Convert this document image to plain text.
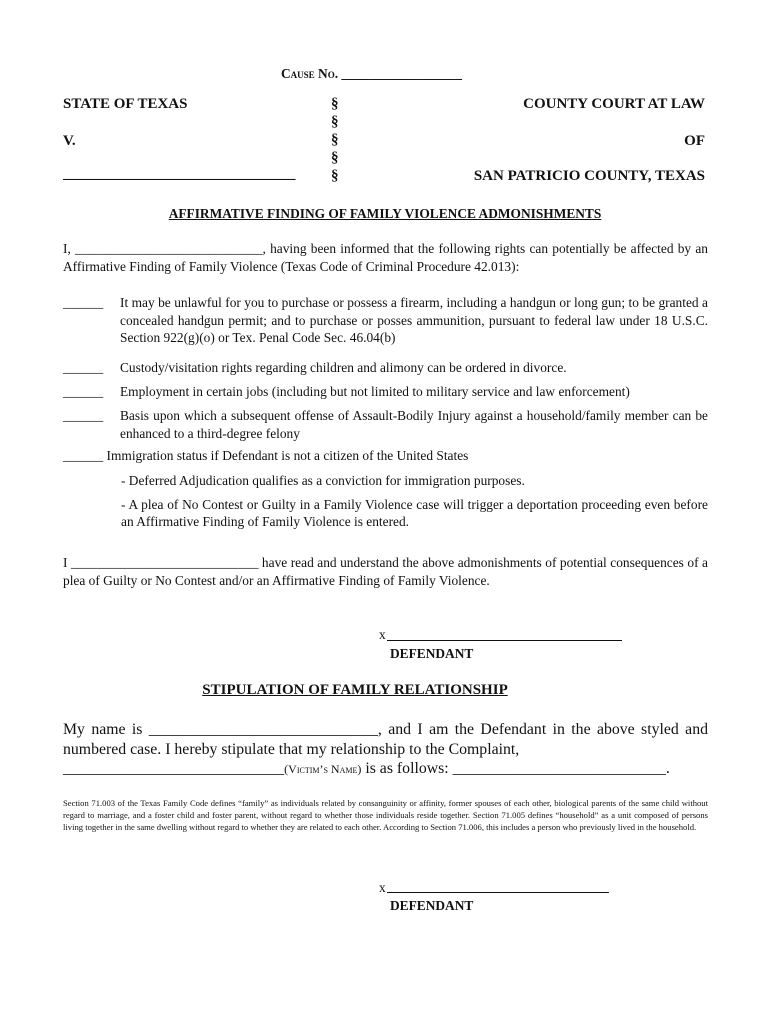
Cause No. __________________
STATE OF TEXAS
V.
_______________________________
§
§
§
§
§
COUNTY COURT AT LAW
OF
SAN PATRICIO COUNTY, TEXAS
AFFIRMATIVE FINDING OF FAMILY VIOLENCE ADMONISHMENTS
I, ____________________________, having been informed that the following rights can potentially be affected by an Affirmative Finding of Family Violence (Texas Code of Criminal Procedure 42.013):
______ It may be unlawful for you to purchase or possess a firearm, including a handgun or long gun; to be granted a concealed handgun permit; and to purchase or posses ammunition, pursuant to federal law under 18 U.S.C. Section 922(g)(o) or Tex. Penal Code Sec. 46.04(b)
______ Custody/visitation rights regarding children and alimony can be ordered in divorce.
______ Employment in certain jobs (including but not limited to military service and law enforcement)
______ Basis upon which a subsequent offense of Assault-Bodily Injury against a household/family member can be enhanced to a third-degree felony
______ Immigration status if Defendant is not a citizen of the United States
- Deferred Adjudication qualifies as a conviction for immigration purposes.
- A plea of No Contest or Guilty in a Family Violence case will trigger a deportation proceeding even before an Affirmative Finding of Family Violence is entered.
I ____________________________ have read and understand the above admonishments of potential consequences of a plea of Guilty or No Contest and/or an Affirmative Finding of Family Violence.
x
DEFENDANT
STIPULATION OF FAMILY RELATIONSHIP
My name is _____________________________, and I am the Defendant in the above styled and numbered case. I hereby stipulate that my relationship to the Complaint,
____________________________(Victim’s Name) is as follows: ___________________________.
Section 71.003 of the Texas Family Code defines “family” as individuals related by consanguinity or affinity, former spouses of each other, biological parents of the same child without regard to marriage, and a foster child and foster parent, without regard to whether those individuals reside together. Section 71.005 defines “household” as a unit composed of persons living together in the same dwelling without regard to whether they are related to each other. According to Section 71.006, this includes a person who previously lived in the household.
x
DEFENDANT
